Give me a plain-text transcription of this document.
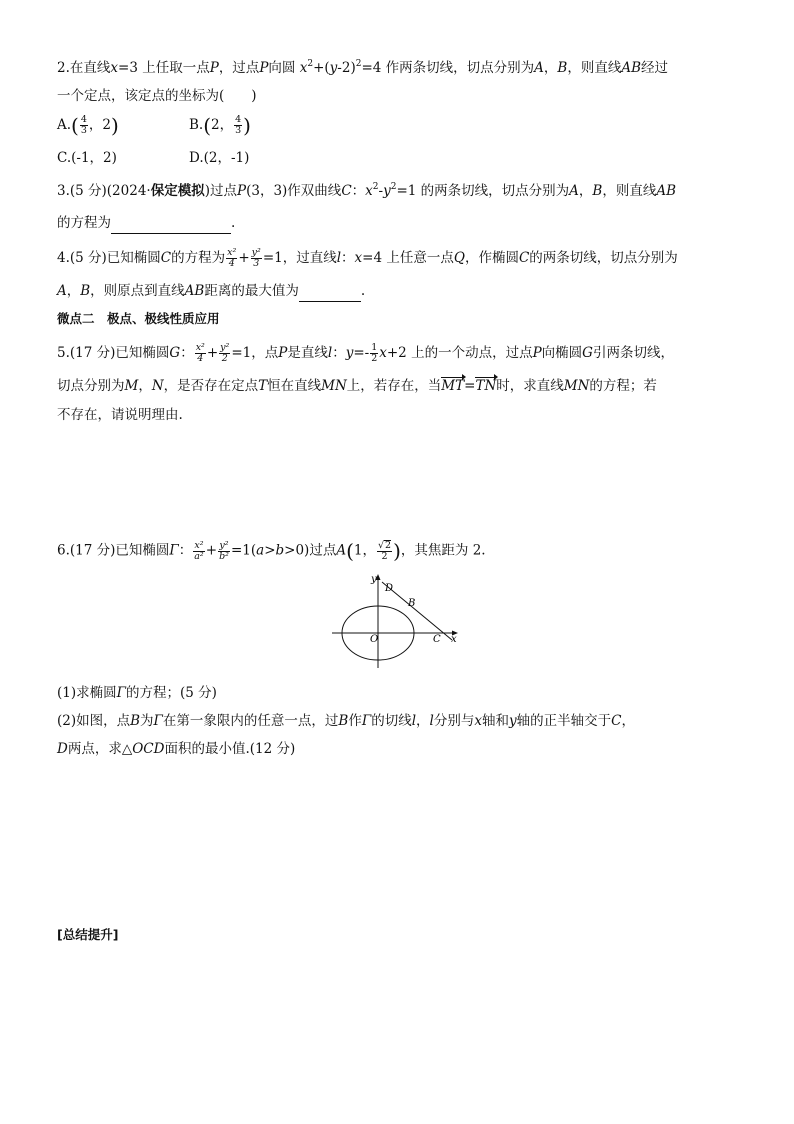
2.在直线x=3 上任取一点P，过点P向圆 $x^2+(y-2)^2=4$ 作两条切线，切点分别为A，B，则直线AB经过
一个定点，该定点的坐标为(　　)
$A.( \frac{4}{3}$ ，2)	B.(2， $\frac{4}{3}$ )
C.(-1，2)	D.(2，-1)
3.(5 分)(2024·保定模拟)过点P(3，3)作双曲线C：$x^2-y^2=1$ 的两条切线，切点分别为A，B，则直线AB
的方程为	.
4.(5 分)已知椭圆C的方程为 $\frac{\text{x²}}{4} + \frac{\text{y²}}{3} =1$，过直线l：x=4 上任意一点Q，作椭圆C的两条切线，切点分别为
A，B，则原点到直线AB距离的最大值为	.
微点二　极点、极线性质应用
5.(17 分)已知椭圆G： $\frac{\text{x²}}{4} + \frac{\text{y²}}{2} =1$，点P是直线l：$y=- \frac{1}{2} x+2$ 上的一个动点，过点P向椭圆G引两条切线，
切点分别为M，N，是否存在定点T恒在直线MN上，若存在，当MT=TN时，求直线MN的方程；若
不存在，请说明理由.
6.(17 分)已知椭圆Γ： $\frac{\text{x²}}{\text{a²}} + \frac{\text{y²}}{\text{b²}} =1(a>b>0)$过点A(1， $\frac{√2}{2}$ )，其焦距为 2.
y
D
B
O	C x
(1)求椭圆Γ的方程；(5 分)
(2)如图，点B为Γ在第一象限内的任意一点，过B作Γ的切线l，l分别与x轴和y轴的正半轴交于C，
D两点，求△OCD面积的最小值.(12 分)
[总结提升]
